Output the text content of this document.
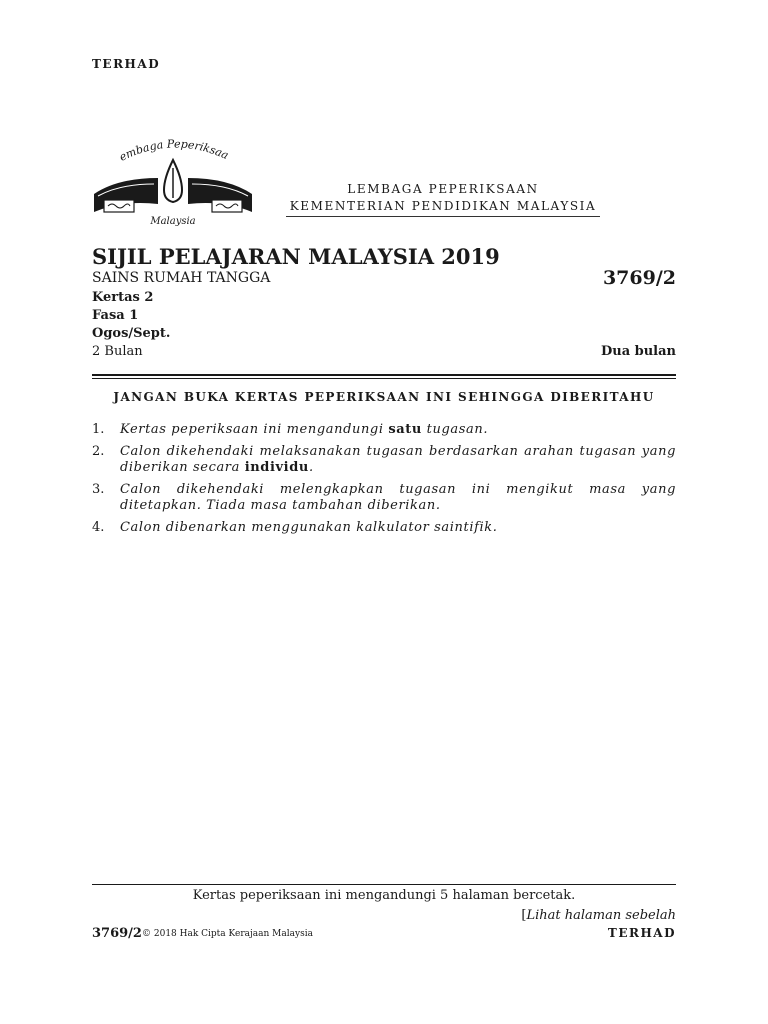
TERHAD
embaga Peperiksaa
Malaysia
LEMBAGA PEPERIKSAAN
KEMENTERIAN PENDIDIKAN MALAYSIA
SIJIL PELAJARAN MALAYSIA 2019
SAINS RUMAH TANGGA	3769/2
Kertas 2
Fasa 1
Ogos/Sept.
2 Bulan	Dua bulan
JANGAN BUKA KERTAS PEPERIKSAAN INI SEHINGGA DIBERITAHU
1. Kertas peperiksaan ini mengandungi satu tugasan.
2. Calon dikehendaki melaksanakan tugasan berdasarkan arahan tugasan yang diberikan secara individu.
3. Calon dikehendaki melengkapkan tugasan ini mengikut masa yang ditetapkan. Tiada masa tambahan diberikan.
4. Calon dibenarkan menggunakan kalkulator saintifik.
Kertas peperiksaan ini mengandungi 5 halaman bercetak.
[Lihat halaman sebelah
3769/2 © 2018 Hak Cipta Kerajaan Malaysia	TERHAD
